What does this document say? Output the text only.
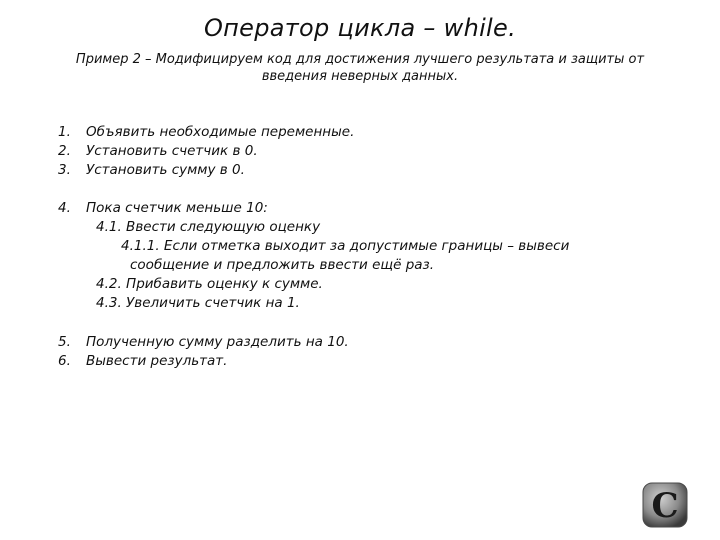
Оператор цикла – while.
Пример 2 – Модифицируем код для достижения лучшего результата и защиты от
введения неверных данных.
1.	Объявить необходимые переменные.
2.	Установить счетчик в 0.
3.	Установить сумму в 0.
4.	Пока счетчик меньше 10:
4.1. Ввести следующую оценку
4.1.1. Если отметка выходит за допустимые границы – вывеси
сообщение и предложить ввести ещё раз.
4.2. Прибавить оценку к сумме.
4.3. Увеличить счетчик на 1.
5.	Полученную сумму разделить на 10.
6.	Вывести результат.
C
